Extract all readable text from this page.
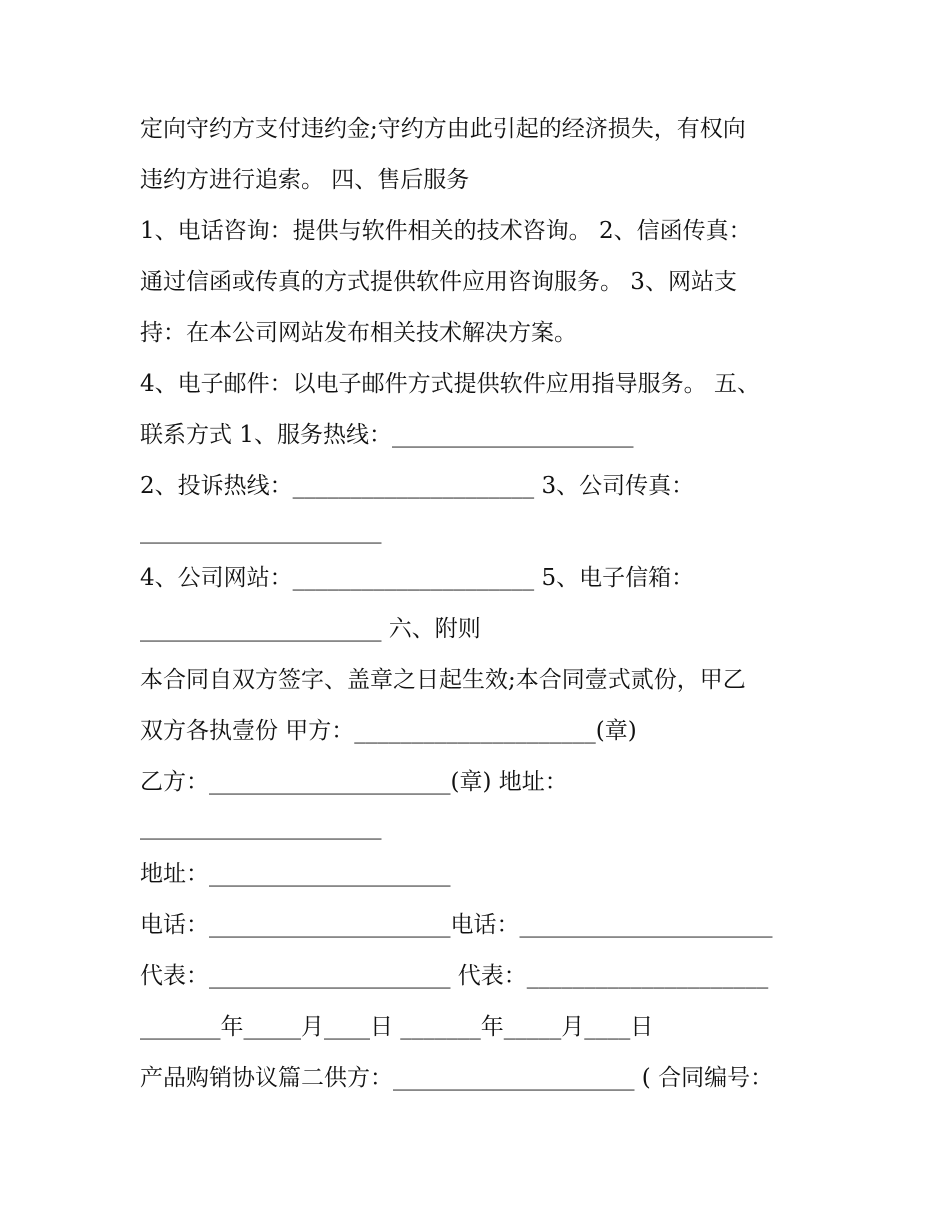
定向守约方支付违约金;守约方由此引起的经济损失，有权向
违约方进行追索。 四、售后服务
1、电话咨询：提供与软件相关的技术咨询。 2、信函传真：
通过信函或传真的方式提供软件应用咨询服务。 3、网站支
持：在本公司网站发布相关技术解决方案。
4、电子邮件：以电子邮件方式提供软件应用指导服务。 五、
联系方式 1、服务热线：_____________________
2、投诉热线：_____________________ 3、公司传真：
_____________________
4、公司网站：_____________________ 5、电子信箱：
_____________________ 六、附则
本合同自双方签字、盖章之日起生效;本合同壹式贰份，甲乙
双方各执壹份 甲方：_____________________(章)
乙方：_____________________(章) 地址：
_____________________
地址：_____________________
电话：_____________________电话：______________________
代表：_____________________ 代表：_____________________
_______年_____月____日 _______年_____月____日
产品购销协议篇二供方：_____________________ ( 合同编号：
